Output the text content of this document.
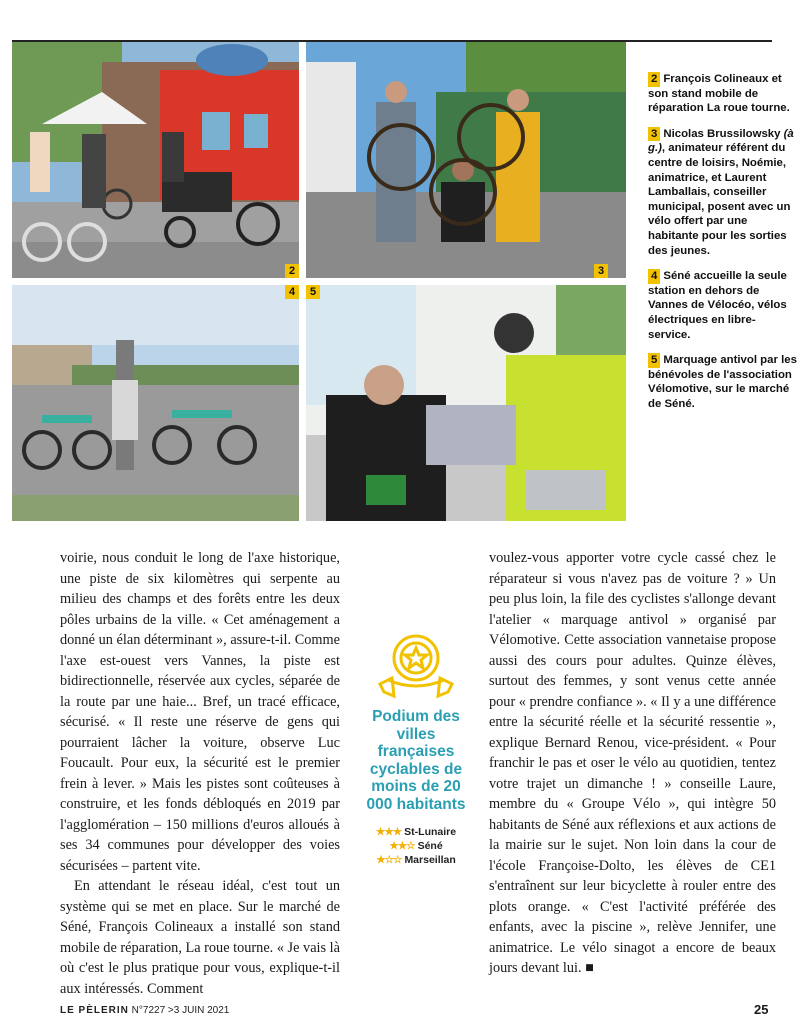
3
2
4	5

2 François Colineaux et son stand mobile de réparation La roue tourne.

3 Nicolas Brussilowsky (à g.), animateur référent du centre de loisirs, Noémie, animatrice, et Laurent Lamballais, conseiller municipal, posent avec un vélo offert par une habitante pour les sorties des jeunes.

4 Séné accueille la seule station en dehors de Vannes de Vélocéo, vélos électriques en libre-service.

5 Marquage antivol par les bénévoles de l'association Vélomotive, sur le marché de Séné.

voirie, nous conduit le long de l'axe historique, une piste de six kilomètres qui serpente au milieu des champs et des forêts entre les deux pôles urbains de la ville. « Cet aménagement a donné un élan déterminant », assure-t-il. Comme l'axe est-ouest vers Vannes, la piste est bidirectionnelle, réservée aux cycles, séparée de la route par une haie... Bref, un tracé efficace, sécurisé. « Il reste une réserve de gens qui pourraient lâcher la voiture, observe Luc Foucault. Pour eux, la sécurité est le premier frein à lever. » Mais les pistes sont coûteuses à construire, et les fonds débloqués en 2019 par l'agglomération – 150 millions d'euros alloués à ses 34 communes pour développer des voies sécurisées – partent vite.

En attendant le réseau idéal, c'est tout un système qui se met en place. Sur le marché de Séné, François Colineaux a installé son stand mobile de réparation, La roue tourne. « Je vais là où c'est le plus pratique pour vous, explique-t-il aux intéressés. Comment

Podium des villes françaises cyclables de moins de 20 000 habitants
★★★ St-Lunaire
★★☆ Séné
★☆☆ Marseillan

voulez-vous apporter votre cycle cassé chez le réparateur si vous n'avez pas de voiture ? » Un peu plus loin, la file des cyclistes s'allonge devant l'atelier « marquage antivol » organisé par Vélomotive. Cette association vannetaise propose aussi des cours pour adultes. Quinze élèves, surtout des femmes, y sont venus cette année pour « prendre confiance ». « Il y a une différence entre la sécurité réelle et la sécurité ressentie », explique Bernard Renou, vice-président. « Pour franchir le pas et oser le vélo au quotidien, tentez votre trajet un dimanche ! » conseille Laure, membre du « Groupe Vélo », qui intègre 50 habitants de Séné aux réflexions et aux actions de la mairie sur le sujet. Non loin dans la cour de l'école Françoise-Dolto, les élèves de CE1 s'entraînent sur leur bicyclette à rouler entre des plots orange. « C'est l'activité préférée des enfants, avec la piscine », relève Jennifer, une animatrice. Le vélo sinagot a encore de beaux jours devant lui. ■

LE PÈLERIN N°7227 >3 JUIN 2021	25
